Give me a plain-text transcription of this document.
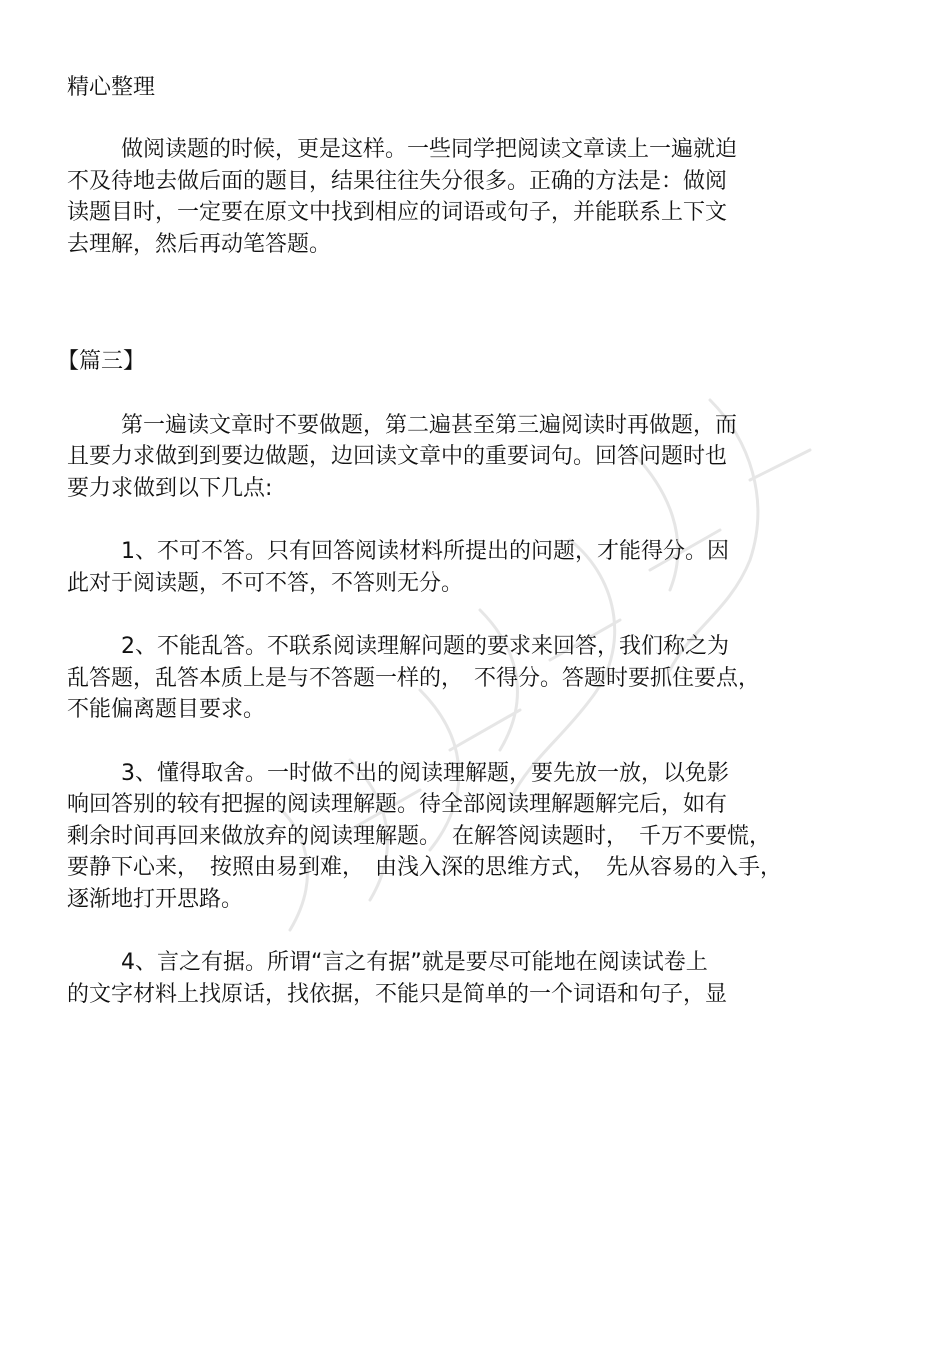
精心整理
做阅读题的时候，更是这样。一些同学把阅读文章读上一遍就迫
不及待地去做后面的题目，结果往往失分很多。正确的方法是：做阅
读题目时，一定要在原文中找到相应的词语或句子，并能联系上下文
去理解，然后再动笔答题。
【篇三】
第一遍读文章时不要做题，第二遍甚至第三遍阅读时再做题，而
且要力求做到到要边做题，边回读文章中的重要词句。回答问题时也
要力求做到以下几点:
1、不可不答。只有回答阅读材料所提出的问题，才能得分。因
此对于阅读题，不可不答，不答则无分。
2、不能乱答。不联系阅读理解问题的要求来回答，我们称之为
乱答题，乱答本质上是与不答题一样的，　不得分。答题时要抓住要点，
不能偏离题目要求。
3、懂得取舍。一时做不出的阅读理解题，要先放一放，以免影
响回答别的较有把握的阅读理解题。待全部阅读理解题解完后，如有
剩余时间再回来做放弃的阅读理解题。　在解答阅读题时，　千万不要慌，
要静下心来，　按照由易到难，　由浅入深的思维方式，　先从容易的入手，
逐渐地打开思路。
4、言之有据。所谓“言之有据”就是要尽可能地在阅读试卷上
的文字材料上找原话，找依据，不能只是简单的一个词语和句子，显
